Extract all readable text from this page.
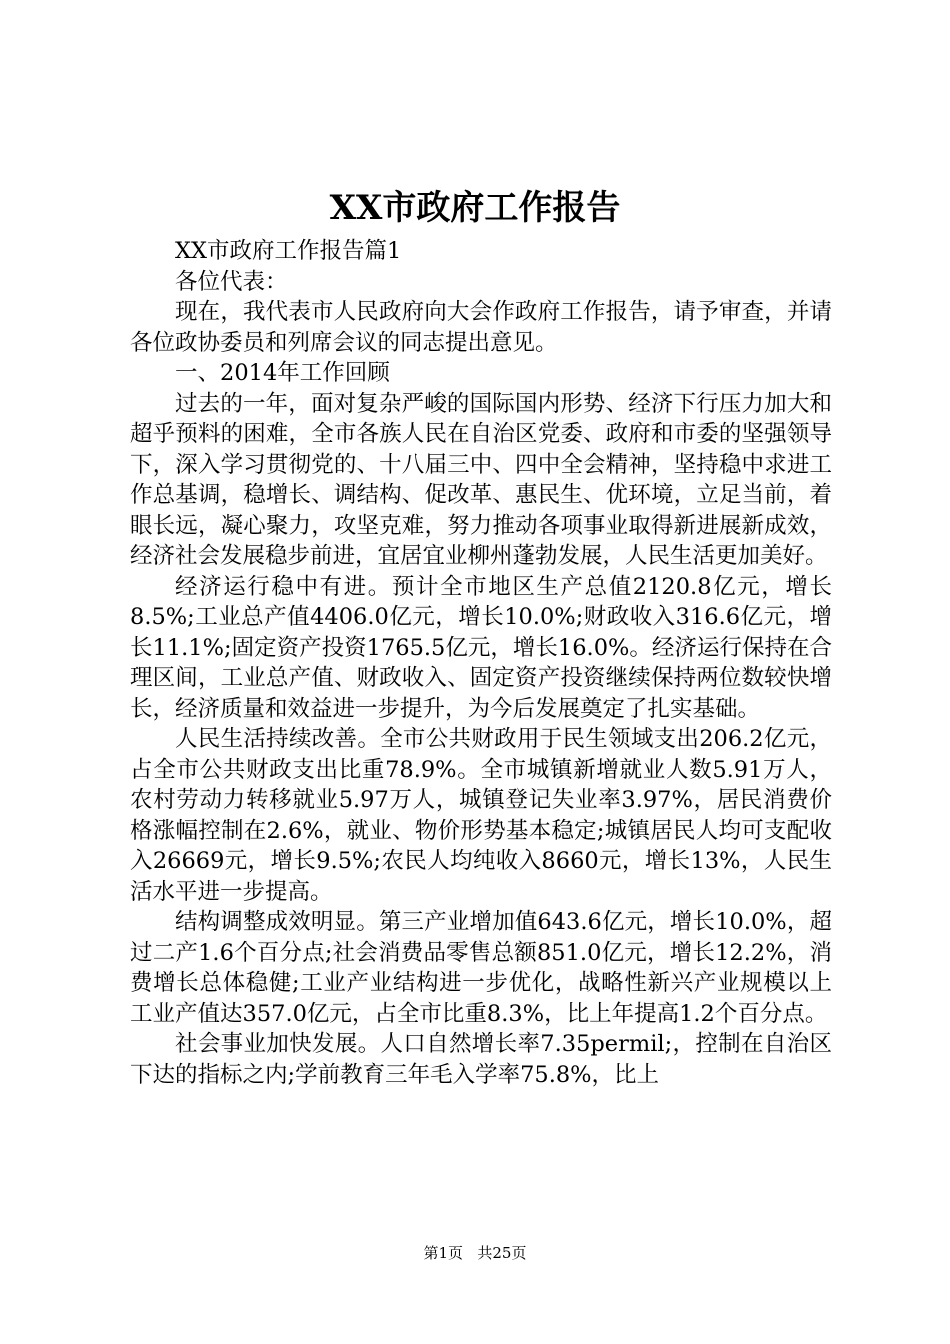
XX市政府工作报告

XX市政府工作报告篇1

各位代表：

现在，我代表市人民政府向大会作政府工作报告，请予审查，并请各位政协委员和列席会议的同志提出意见。

一、2014年工作回顾

过去的一年，面对复杂严峻的国际国内形势、经济下行压力加大和超乎预料的困难，全市各族人民在自治区党委、政府和市委的坚强领导下，深入学习贯彻党的、十八届三中、四中全会精神，坚持稳中求进工作总基调，稳增长、调结构、促改革、惠民生、优环境，立足当前，着眼长远，凝心聚力，攻坚克难，努力推动各项事业取得新进展新成效，经济社会发展稳步前进，宜居宜业柳州蓬勃发展，人民生活更加美好。

经济运行稳中有进。预计全市地区生产总值2120.8亿元，增长8.5%;工业总产值4406.0亿元，增长10.0%;财政收入316.6亿元，增长11.1%;固定资产投资1765.5亿元，增长16.0%。经济运行保持在合理区间，工业总产值、财政收入、固定资产投资继续保持两位数较快增长，经济质量和效益进一步提升，为今后发展奠定了扎实基础。

人民生活持续改善。全市公共财政用于民生领域支出206.2亿元，占全市公共财政支出比重78.9%。全市城镇新增就业人数5.91万人，农村劳动力转移就业5.97万人，城镇登记失业率3.97%，居民消费价格涨幅控制在2.6%，就业、物价形势基本稳定;城镇居民人均可支配收入26669元，增长9.5%;农民人均纯收入8660元，增长13%，人民生活水平进一步提高。

结构调整成效明显。第三产业增加值643.6亿元，增长10.0%，超过二产1.6个百分点;社会消费品零售总额851.0亿元，增长12.2%，消费增长总体稳健;工业产业结构进一步优化，战略性新兴产业规模以上工业产值达357.0亿元，占全市比重8.3%，比上年提高1.2个百分点。

社会事业加快发展。人口自然增长率7.35permil;，控制在自治区下达的指标之内;学前教育三年毛入学率75.8%，比上

第1页 共25页
